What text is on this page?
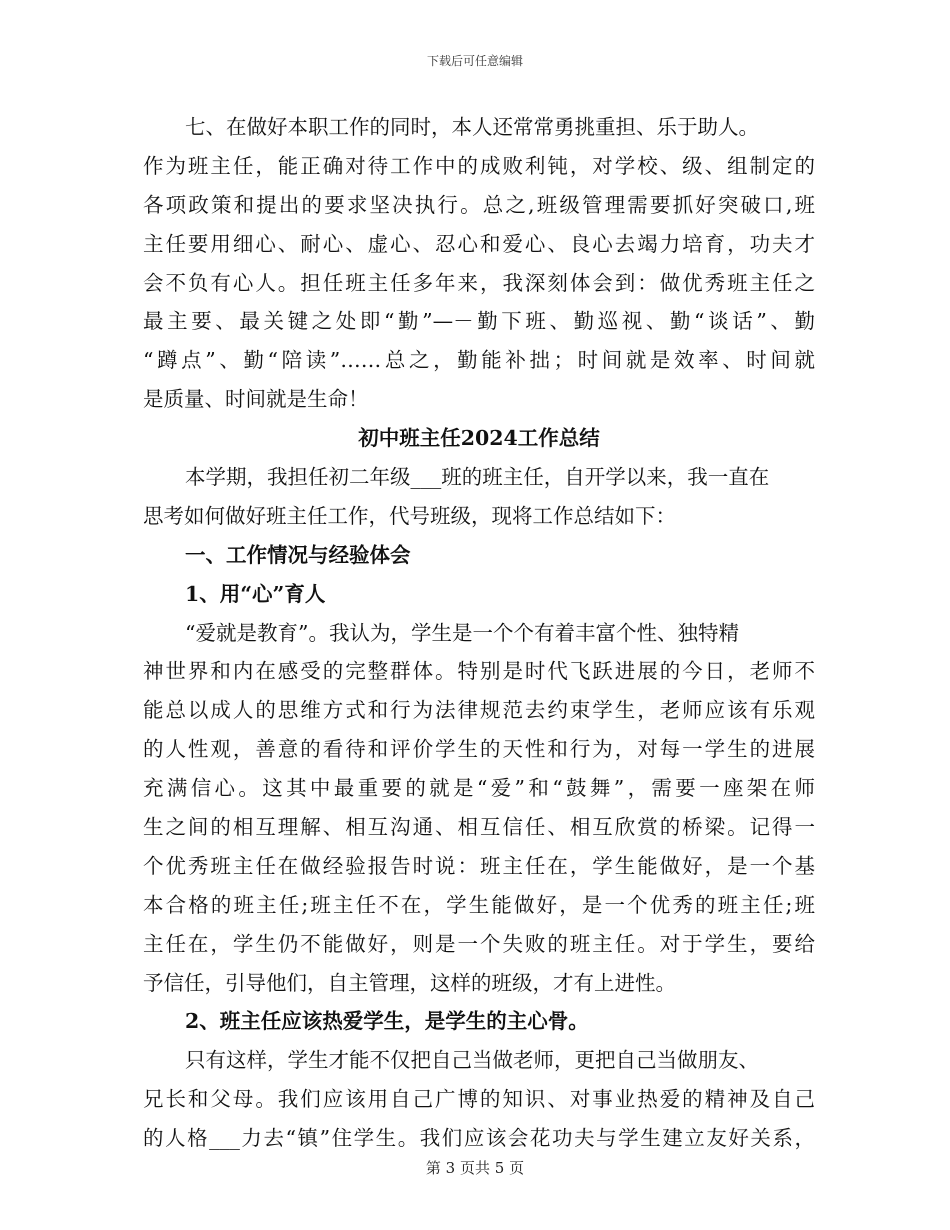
下载后可任意编辑
七、在做好本职工作的同时，本人还常常勇挑重担、乐于助人。
作为班主任，能正确对待工作中的成败利钝，对学校、级、组制定的
各项政策和提出的要求坚决执行。总之,班级管理需要抓好突破口,班
主任要用细心、耐心、虚心、忍心和爱心、良心去竭力培育，功夫才
会不负有心人。担任班主任多年来，我深刻体会到：做优秀班主任之
最主要、最关键之处即“勤”—－勤下班、勤巡视、勤“谈话”、勤
“蹲点”、勤“陪读”……总之，勤能补拙；时间就是效率、时间就
是质量、时间就是生命！
初中班主任2024工作总结
本学期，我担任初二年级___班的班主任，自开学以来，我一直在
思考如何做好班主任工作，代号班级，现将工作总结如下：
一、工作情况与经验体会
1、用“心”育人
“爱就是教育”。我认为，学生是一个个有着丰富个性、独特精
神世界和内在感受的完整群体。特别是时代飞跃进展的今日，老师不
能总以成人的思维方式和行为法律规范去约束学生，老师应该有乐观
的人性观，善意的看待和评价学生的天性和行为，对每一学生的进展
充满信心。这其中最重要的就是“爱”和“鼓舞”，需要一座架在师
生之间的相互理解、相互沟通、相互信任、相互欣赏的桥梁。记得一
个优秀班主任在做经验报告时说：班主任在，学生能做好，是一个基
本合格的班主任;班主任不在，学生能做好，是一个优秀的班主任;班
主任在，学生仍不能做好，则是一个失败的班主任。对于学生，要给
予信任，引导他们，自主管理，这样的班级，才有上进性。
2、班主任应该热爱学生，是学生的主心骨。
只有这样，学生才能不仅把自己当做老师，更把自己当做朋友、
兄长和父母。我们应该用自己广博的知识、对事业热爱的精神及自己
的人格___力去“镇”住学生。我们应该会花功夫与学生建立友好关系，
第 3 页共 5 页
